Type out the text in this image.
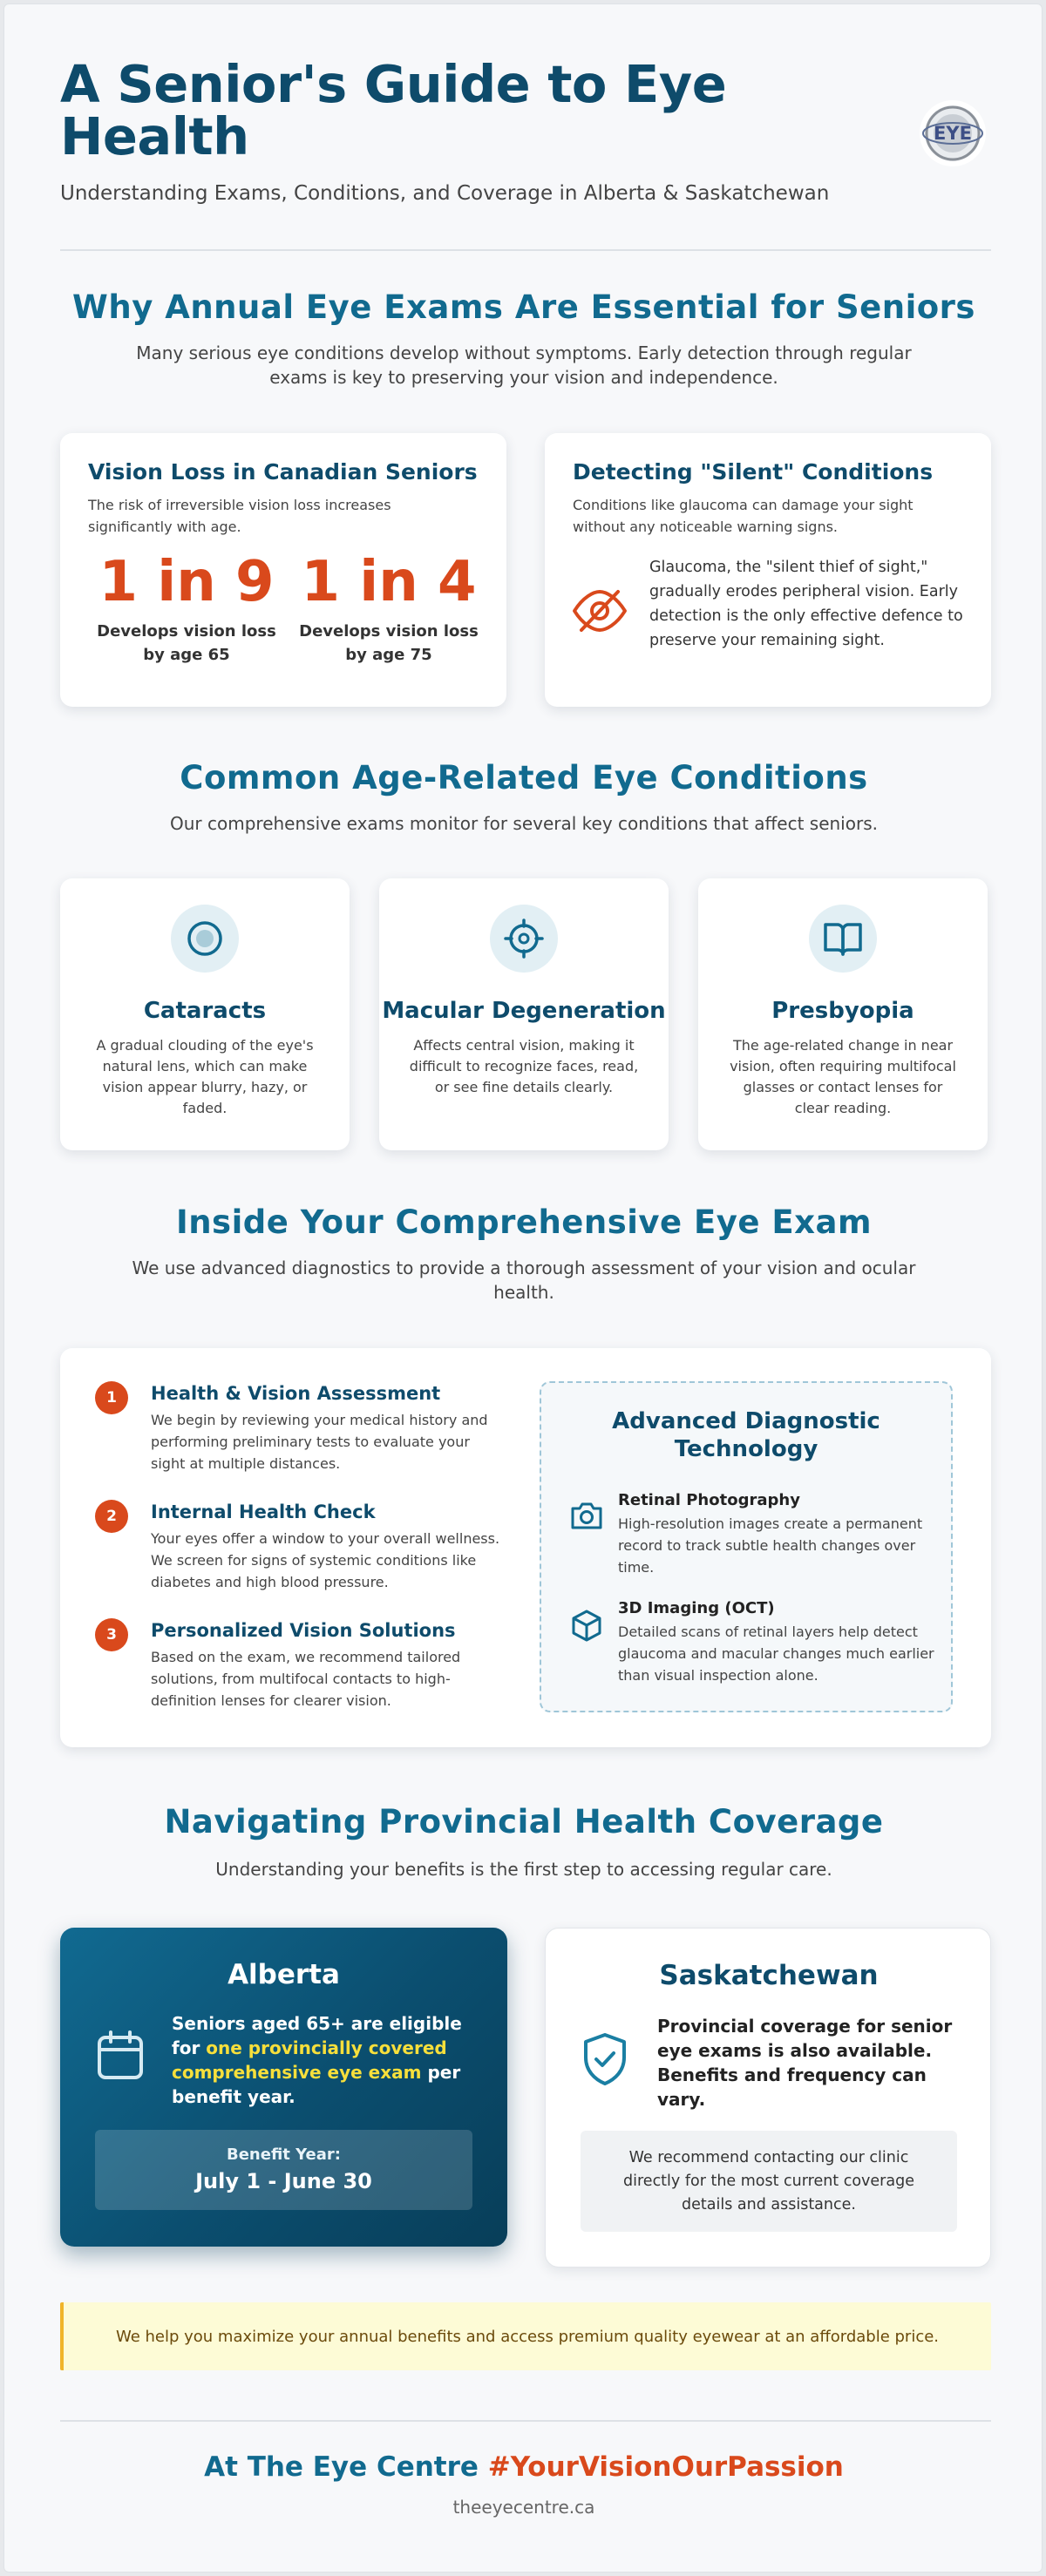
A Senior's Guide to Eye Health
Understanding Exams, Conditions, and Coverage in Alberta & Saskatchewan
EYE
Why Annual Eye Exams Are Essential for Seniors
Many serious eye conditions develop without symptoms. Early detection through regular exams is key to preserving your vision and independence.
Vision Loss in Canadian Seniors
The risk of irreversible vision loss increases significantly with age.
1 in 9
Develops vision loss by age 65
1 in 4
Develops vision loss by age 75
Detecting "Silent" Conditions
Conditions like glaucoma can damage your sight without any noticeable warning signs.
Glaucoma, the "silent thief of sight," gradually erodes peripheral vision. Early detection is the only effective defence to preserve your remaining sight.
Common Age-Related Eye Conditions
Our comprehensive exams monitor for several key conditions that affect seniors.
Cataracts

A gradual clouding of the eye's natural lens, which can make vision appear blurry, hazy, or faded.

Macular Degeneration

Affects central vision, making it difficult to recognize faces, read, or see fine details clearly.

Presbyopia

The age-related change in near vision, often requiring multifocal glasses or contact lenses for clear reading.

Inside Your Comprehensive Eye Exam
We use advanced diagnostics to provide a thorough assessment of your vision and ocular health.
1	Health & Vision Assessment

We begin by reviewing your medical history and performing preliminary tests to evaluate your sight at multiple distances.

2	Internal Health Check

Your eyes offer a window to your overall wellness. We screen for signs of systemic conditions like diabetes and high blood pressure.

3	Personalized Vision Solutions

Based on the exam, we recommend tailored solutions, from multifocal contacts to high-definition lenses for clearer vision.

Advanced Diagnostic Technology
Retinal Photography

High-resolution images create a permanent record to track subtle health changes over time.

3D Imaging (OCT)

Detailed scans of retinal layers help detect glaucoma and macular changes much earlier than visual inspection alone.

Navigating Provincial Health Coverage
Understanding your benefits is the first step to accessing regular care.
Alberta
Seniors aged 65+ are eligible for one provincially covered comprehensive eye exam per benefit year.
Benefit Year:
July 1 - June 30
Saskatchewan
Provincial coverage for senior eye exams is also available. Benefits and frequency can vary.
We recommend contacting our clinic directly for the most current coverage details and assistance.
We help you maximize your annual benefits and access premium quality eyewear at an affordable price.
At The Eye Centre #YourVisionOurPassion
theeyecentre.ca
